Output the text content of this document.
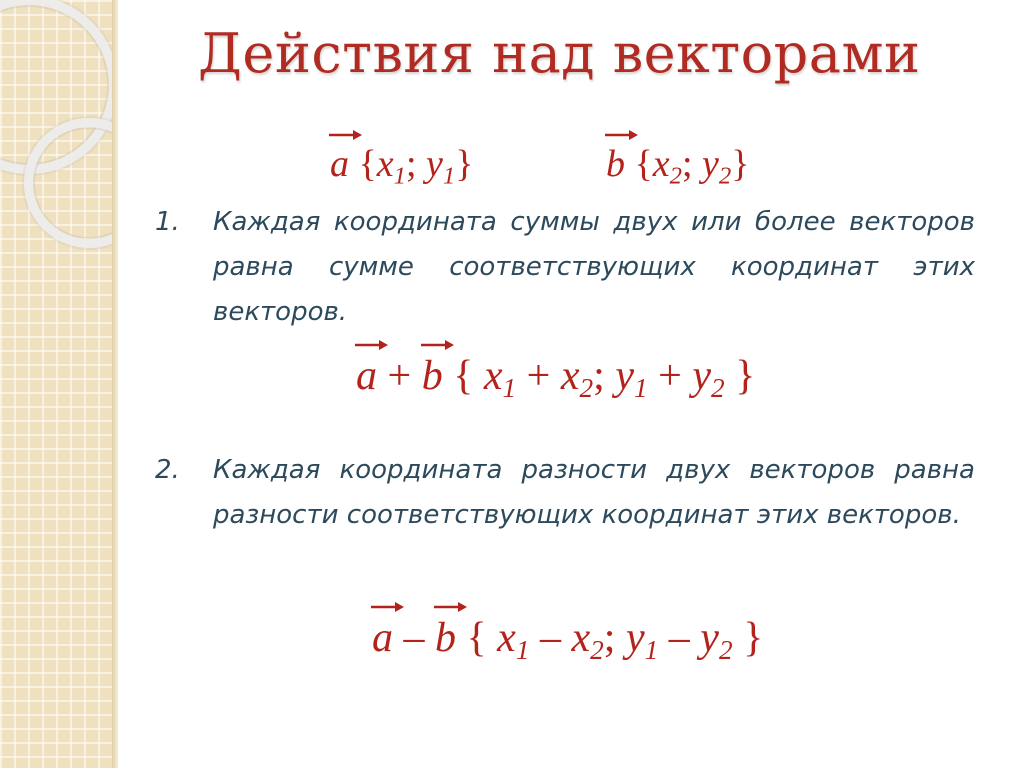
Действия над векторами
a {$x_1$; $y_1$}	b {$x_2$; $y_2$}
1.	Каждая координата суммы двух или более векторов равна сумме соответствующих координат этих векторов.
a + b { $x_1 + x_2$; $y_1 + y_2$ }
2.	Каждая координата разности двух векторов равна разности соответствующих координат этих векторов.
a – b { $x_1 - x_2$; $y_1 - y_2$ }
